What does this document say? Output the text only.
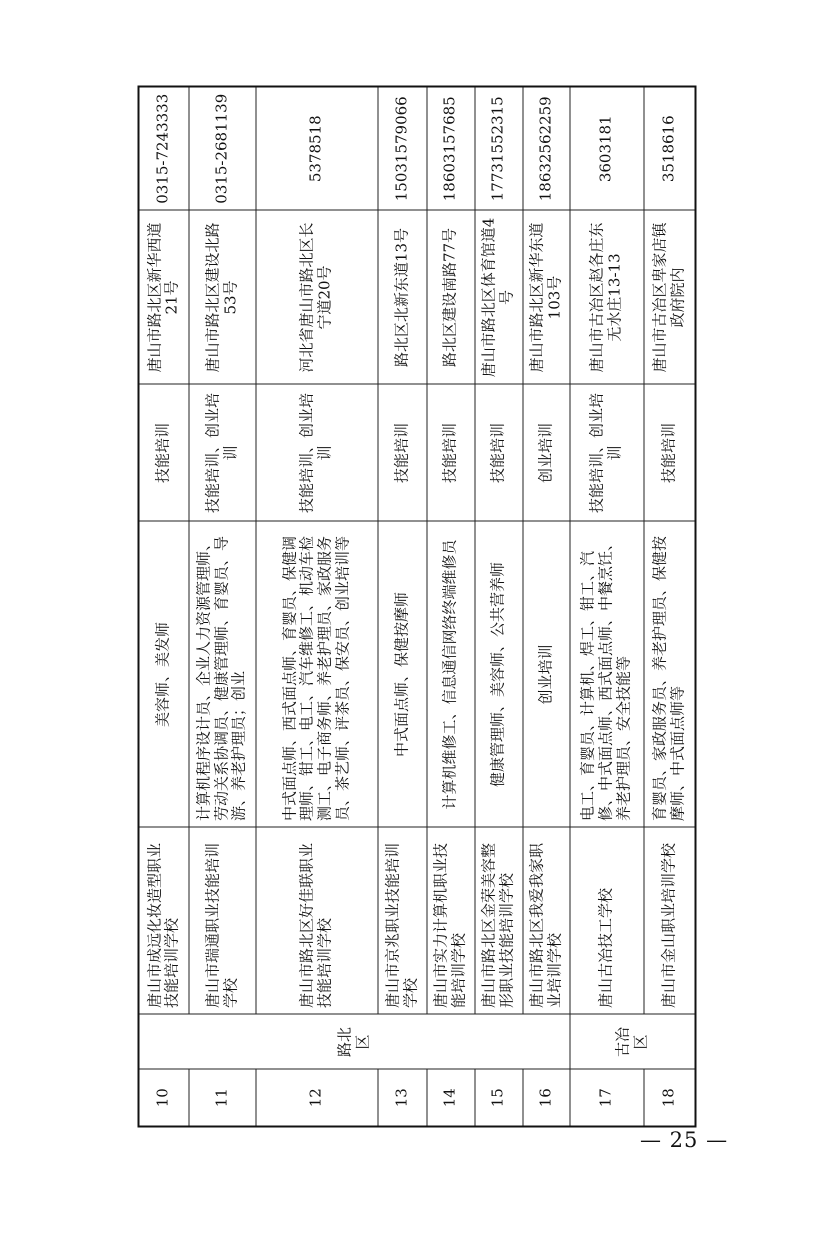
10	路北区	唐山市成远化妆造型职业技能培训学校	美容师、美发师	技能培训	唐山市路北区新华西道21号	0315-7243333
11		唐山市瑞通职业技能培训学校	计算机程序设计员、企业人力资源管理师、劳动关系协调员、健康管理师、育婴员、导游、养老护理员；创业	技能培训、创业培训	唐山市路北区建设北路53号	0315-2681139
12		唐山市路北区好佳联职业技能培训学校	中式面点师、西式面点师、育婴员、保健调理师、钳工、电工、汽车维修工、机动车检测工、电子商务师、养老护理员、家政服务员、茶艺师、评茶员、保安员、创业培训等	技能培训、创业培训	河北省唐山市路北区长宁道20号	5378518
13		唐山市京兆职业技能培训学校	中式面点师、保健按摩师	技能培训	路北区北新东道13号	15031579066
14		唐山市实力计算机职业技能培训学校	计算机维修工、信息通信网络终端维修员	技能培训	路北区建设南路77号	18603157685
15		唐山市路北区金荣美容整形职业技能培训学校	健康管理师、美容师、公共营养师	技能培训	唐山市路北区体育馆道4号	17731552315
16		唐山市路北区我爱我家职业培训学校	创业培训	创业培训	唐山市路北区新华东道103号	18632562259
17	古冶区	唐山古冶技工学校	电工、育婴员、计算机、焊工、钳工、汽修、中式面点师、西式面点师、中餐烹饪、养老护理员、安全技能等	技能培训、创业培训	唐山市古冶区赵各庄东无水庄13-13	3603181
18		唐山市金山职业培训学校	育婴员、家政服务员、养老护理员、保健按摩师、中式面点师等	技能培训	唐山市古冶区卑家店镇政府院内	3518616
— 25 —
